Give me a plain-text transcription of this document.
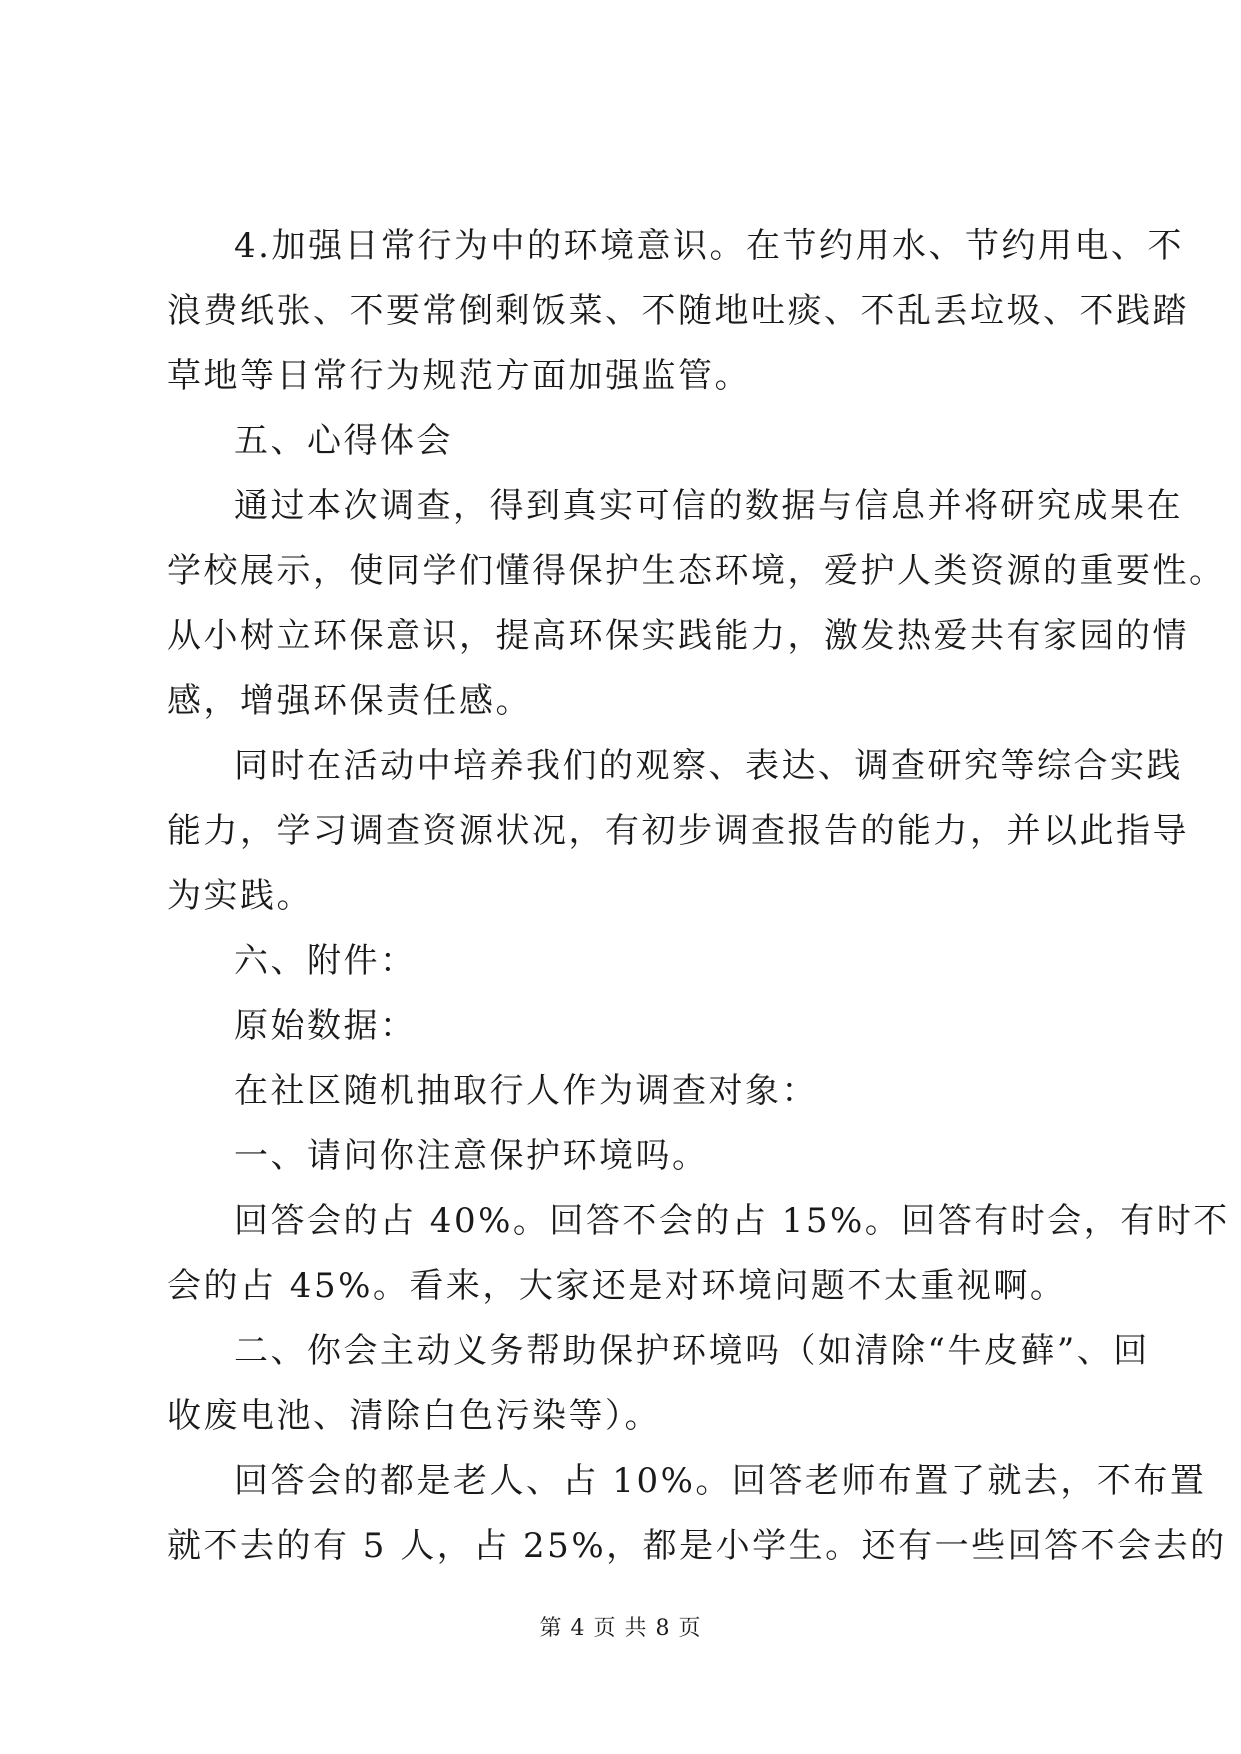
4.加强日常行为中的环境意识。在节约用水、节约用电、不
浪费纸张、不要常倒剩饭菜、不随地吐痰、不乱丢垃圾、不践踏
草地等日常行为规范方面加强监管。
五、心得体会
通过本次调查，得到真实可信的数据与信息并将研究成果在
学校展示，使同学们懂得保护生态环境，爱护人类资源的重要性。
从小树立环保意识，提高环保实践能力，激发热爱共有家园的情
感，增强环保责任感。
同时在活动中培养我们的观察、表达、调查研究等综合实践
能力，学习调查资源状况，有初步调查报告的能力，并以此指导
为实践。
六、附件：
原始数据：
在社区随机抽取行人作为调查对象：
一、请问你注意保护环境吗。
回答会的占 40%。回答不会的占 15%。回答有时会，有时不
会的占 45%。看来，大家还是对环境问题不太重视啊。
二、你会主动义务帮助保护环境吗（如清除“牛皮藓”、回
收废电池、清除白色污染等）。
回答会的都是老人、占 10%。回答老师布置了就去，不布置
就不去的有 5 人，占 25%，都是小学生。还有一些回答不会去的
第 4 页 共 8 页
